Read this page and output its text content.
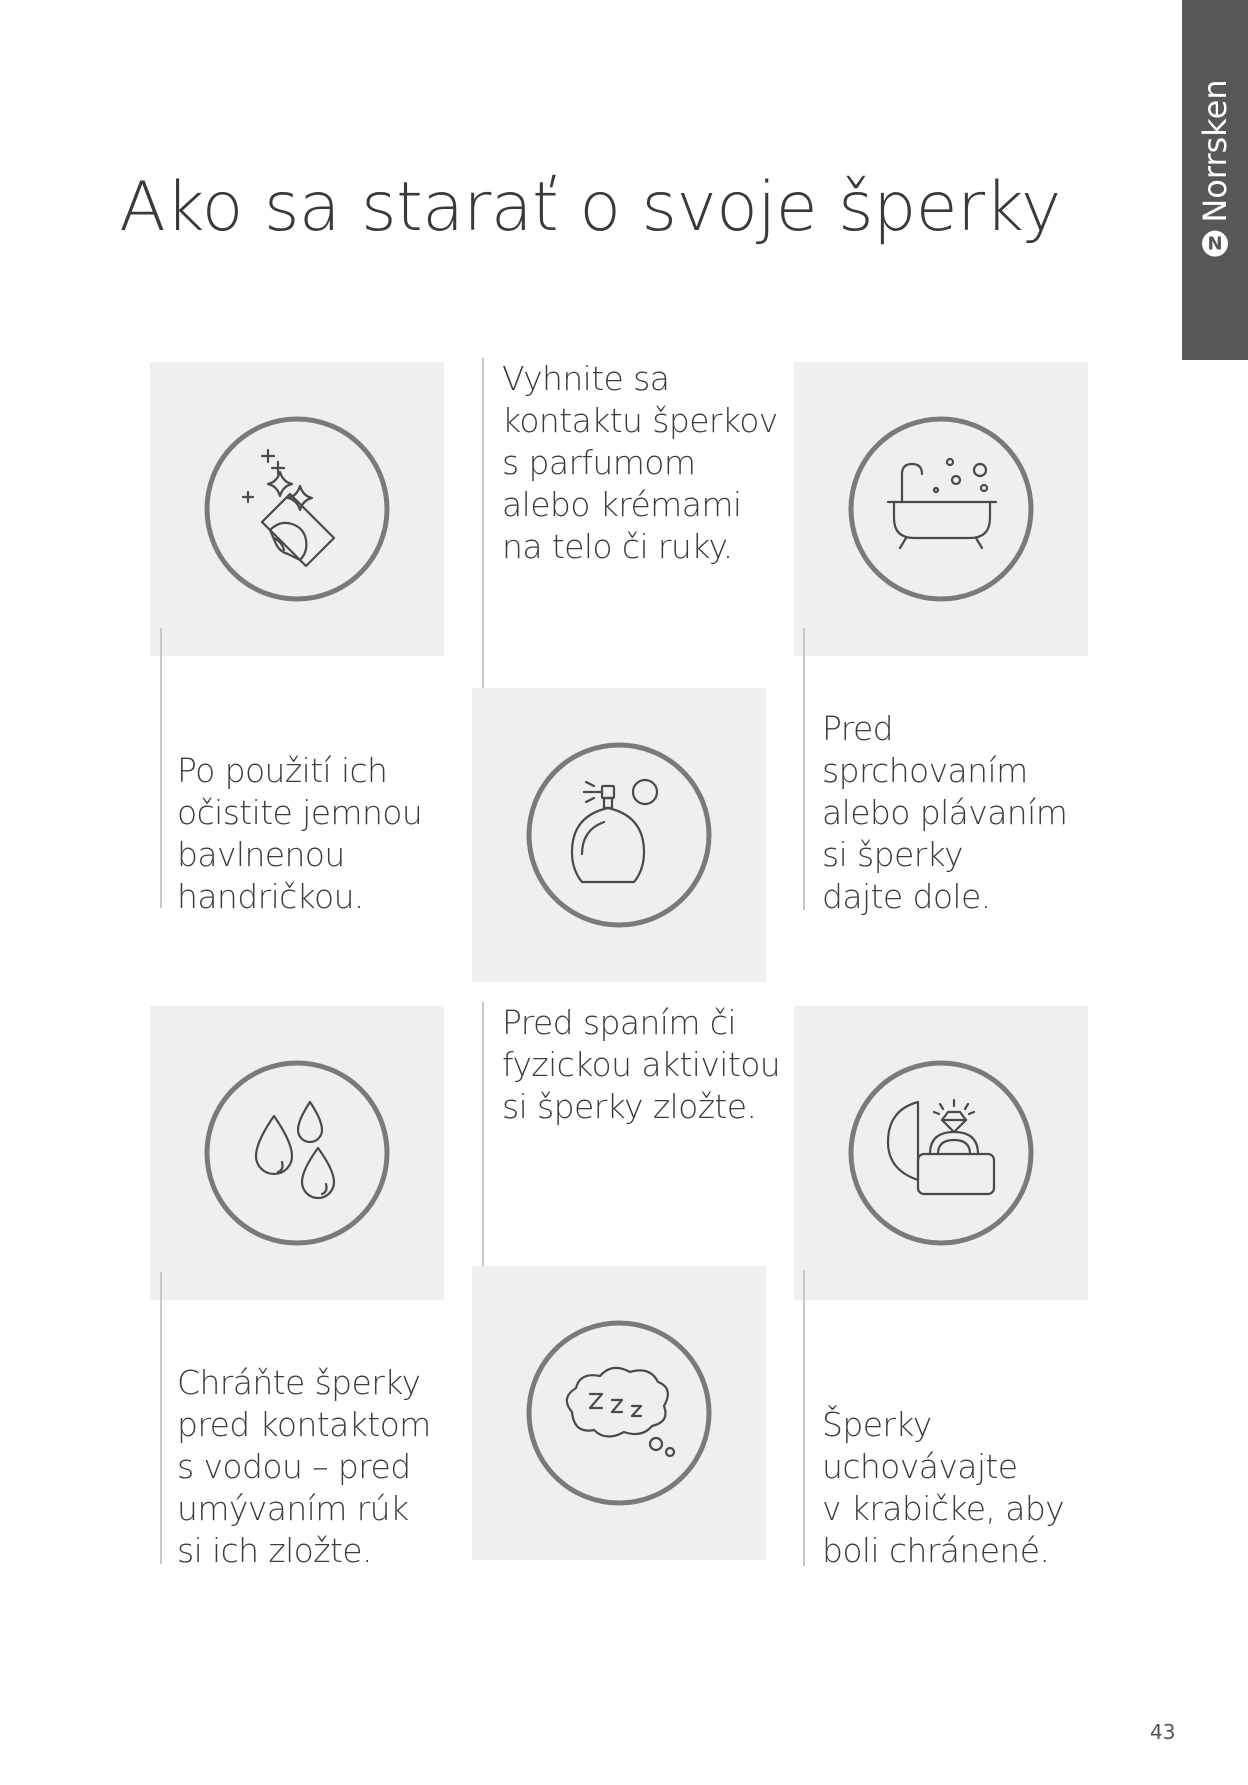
Ako sa starať o svoje šperky	N
Norrsken

Po použití ich
očistite jemnou
bavlnenou
handričkou.

Vyhnite sa
kontaktu šperkov
s parfumom
alebo krémami
na telo či ruky.

Pred
sprchovaním
alebo plávaním
si šperky
dajte dole.

Chráňte šperky
pred kontaktom
s vodou – pred
umývaním rúk
si ich zložte.

Pred spaním či
fyzickou aktivitou
si šperky zložte.

Šperky
uchovávajte
v krabičke, aby
boli chránené.

43
